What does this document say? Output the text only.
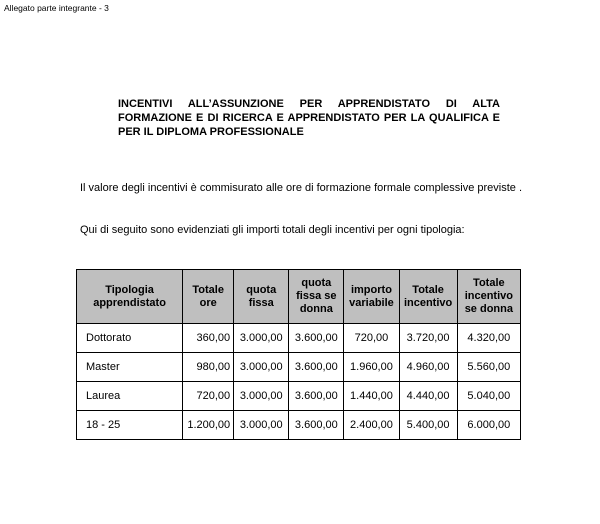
Allegato parte integrante - 3

INCENTIVI ALL’ASSUNZIONE PER APPRENDISTATO DI ALTA FORMAZIONE E DI RICERCA E APPRENDISTATO PER LA QUALIFICA E PER IL DIPLOMA PROFESSIONALE

Il valore degli incentivi è commisurato alle ore di formazione formale complessive previste .

Qui di seguito sono evidenziati gli importi totali degli incentivi per ogni tipologia:

Tipologia apprendistato	Totale ore	quota fissa	quota fissa se donna	importo variabile	Totale incentivo	Totale incentivo se donna
Dottorato	360,00	3.000,00	3.600,00	720,00	3.720,00	4.320,00
Master	980,00	3.000,00	3.600,00	1.960,00	4.960,00	5.560,00
Laurea	720,00	3.000,00	3.600,00	1.440,00	4.440,00	5.040,00
18 - 25	1.200,00	3.000,00	3.600,00	2.400,00	5.400,00	6.000,00
